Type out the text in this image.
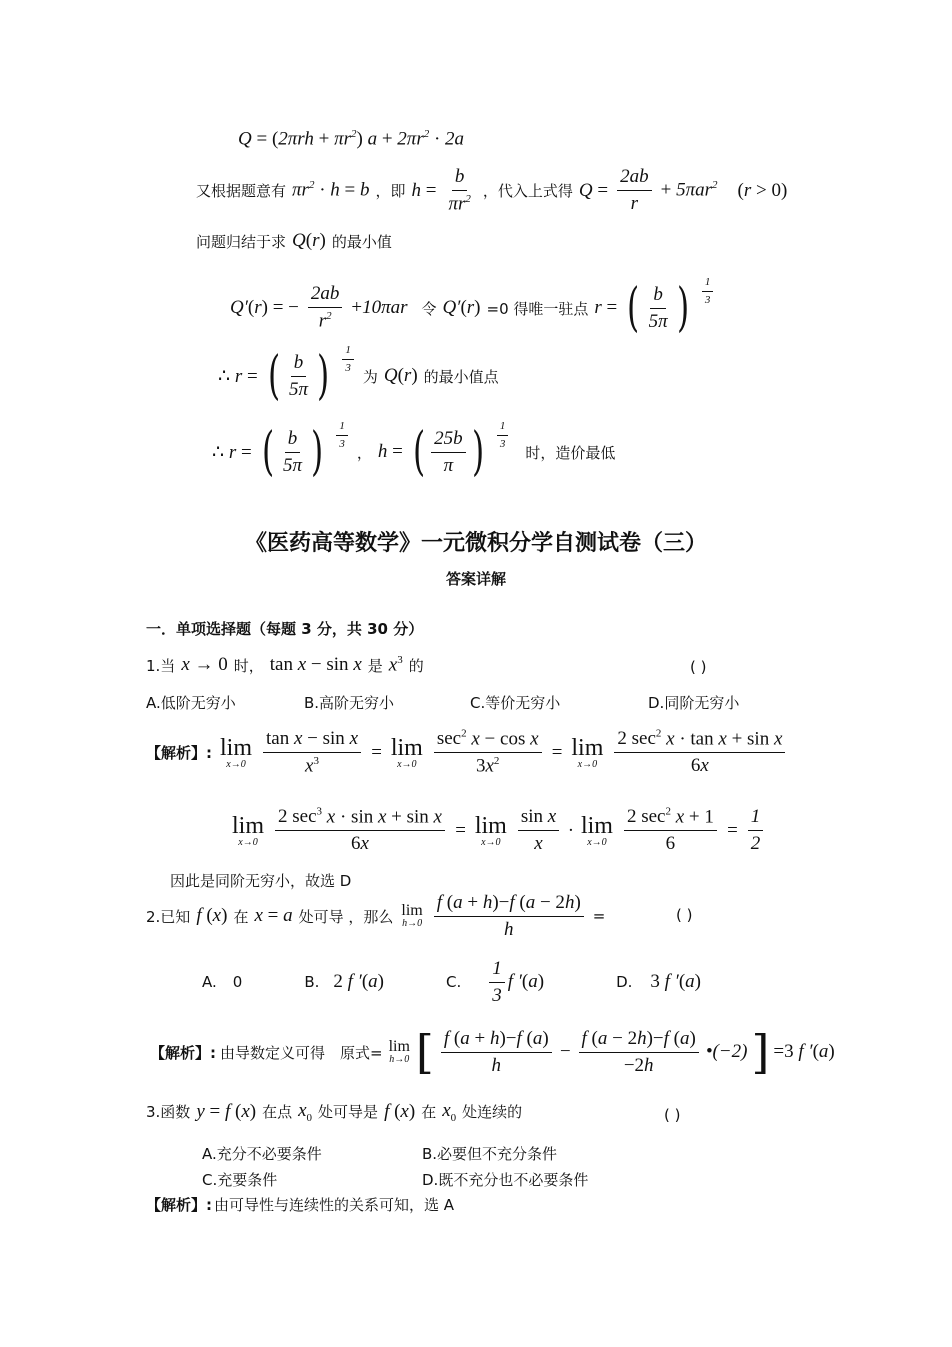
$Q = (2\pi rh + \pi r^2)$ $a + 2\pi r^2 \cdot 2a$
又根据题意有 $\pi r^2 \cdot h = b$ ，即 $h = \frac{b}{\pi r^2}$ ，代入上式得 $Q = \frac{2ab}{r} + 5\pi ar^2$ (r > 0)
问题归结于求 Q(r) 的最小值
Q′(r) = − $\frac{2ab}{r^2} +10\pi ar$ 令 Q′(r) =0 得唯一驻点 r = ( $\frac{b}{5\pi}$ ) $\frac{1}{3}$
∴ r = ( $\frac{b}{5\pi}$ ) $\frac{1}{3}$
为 Q(r) 的最小值点
∴ r = ( $\frac{b}{5\pi}$ ) $\frac{1}{3}$
， h = ( $\frac{25b}{\pi}$ ) $\frac{1}{3}$
时，造价最低
《医药高等数学》一元微积分学自测试卷（三）
答案详解
一．单项选择题（每题 3 分，共 30 分）
1.当 x → 0 时， tan x − sin x 是 $x^3$ 的	( )
A.低阶无穷小	B.高阶无穷小	C.等价无穷小	D.同阶无穷小
【解析】: lim
$x\to 0 \frac{\text{tan x − sin x}}{x^3} = \lim$
$x\to 0 \frac{\sec^2 x - \cos x}{3x^2} = \lim$
$x\to 0 \frac{2 \sec^2 x \cdot \tan x + \sin x}{6x}$
lim
$x\to 0 \frac{2 \sec^3 x \cdot \sin x + \sin x}{6x} = \lim$
$x\to 0 \frac{\text{sin x}}{x} \cdot \lim$
$x\to 0 \frac{2 \sec^2 x + 1}{6} = \frac{1}{2}$
因此是同阶无穷小，故选 D
2.已知 f (x) 在 x = a 处可导 ，那么 lim
$h\to 0 \frac{f (a + h)-f (a - 2h)}{h}$ =	( )
A. 0	B. 2 f ′(a)	C. $\frac{1}{3}$ f ′(a)	D. 3 f ′(a)
【解析】: 由导数定义可得　原式= lim
h→0 [ $\frac{f (a + h)-f (a)}{h} - \frac{f (a - 2h)-f (a)}{-2h}$ •(−2) ] =3 f ′(a)
3.函数 y = f (x) 在点 $x_0$ 处可导是 f (x) 在 $x_0$ 处连续的	( )
A.充分不必要条件	B.必要但不充分条件
C.充要条件	D.既不充分也不必要条件
【解析】: 由可导性与连续性的关系可知，选 A
